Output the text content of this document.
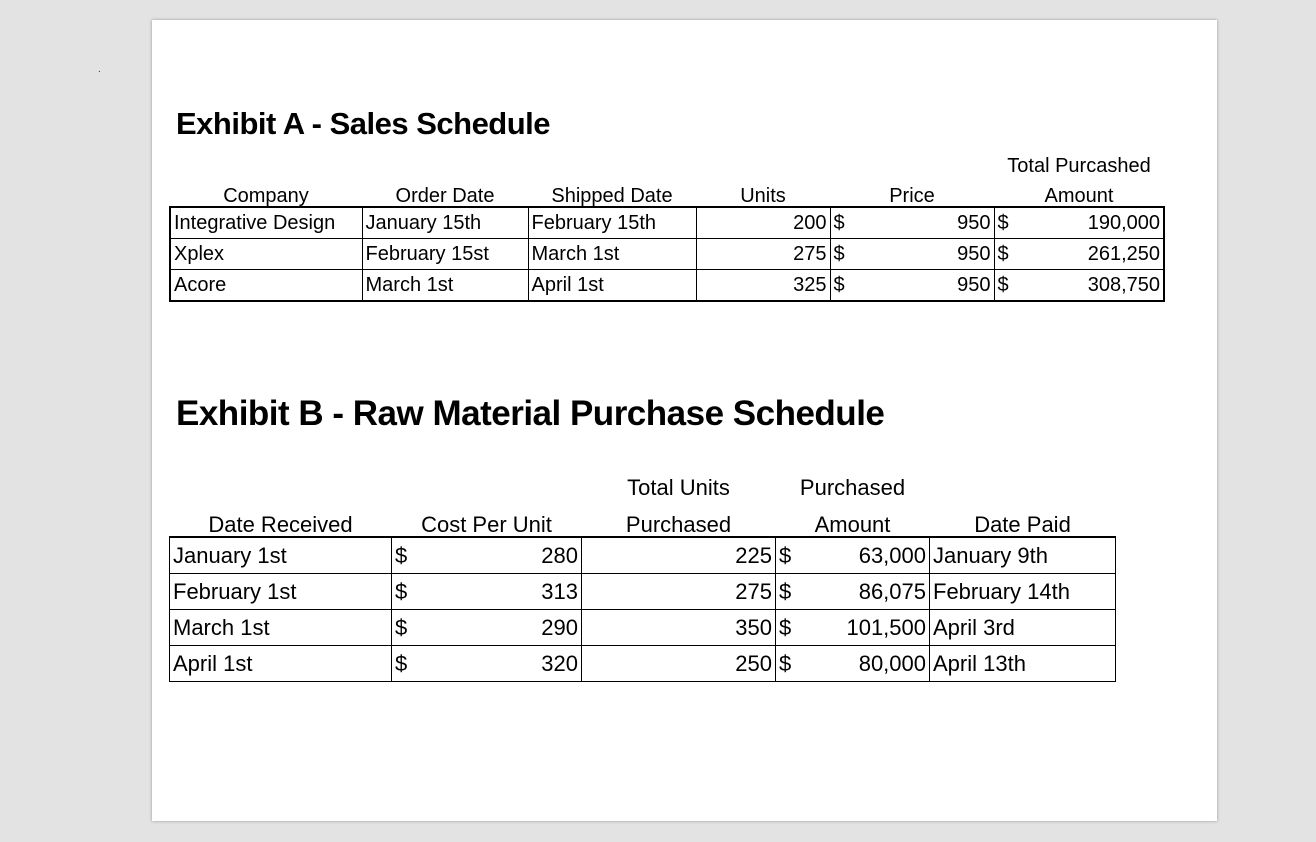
.
Exhibit A - Sales Schedule
						Total Purcashed	
Company	Order Date	Shipped Date	Units	Price		Amount	
Integrative Design	January 15th	February 15th	200	$	950	$	190,000
Xplex	February 15st	March 1st	275	$	950	$	261,250
Acore	March 1st	April 1st	325	$	950	$	308,750
Exhibit B - Raw Material Purchase Schedule
			Total Units	Purchased		
Date Received	Cost Per Unit		Purchased	Amount		Date Paid
January 1st	$	280	225	$	63,000	January 9th
February 1st	$	313	275	$	86,075	February 14th
March 1st	$	290	350	$	101,500	April 3rd
April 1st	$	320	250	$	80,000	April 13th
